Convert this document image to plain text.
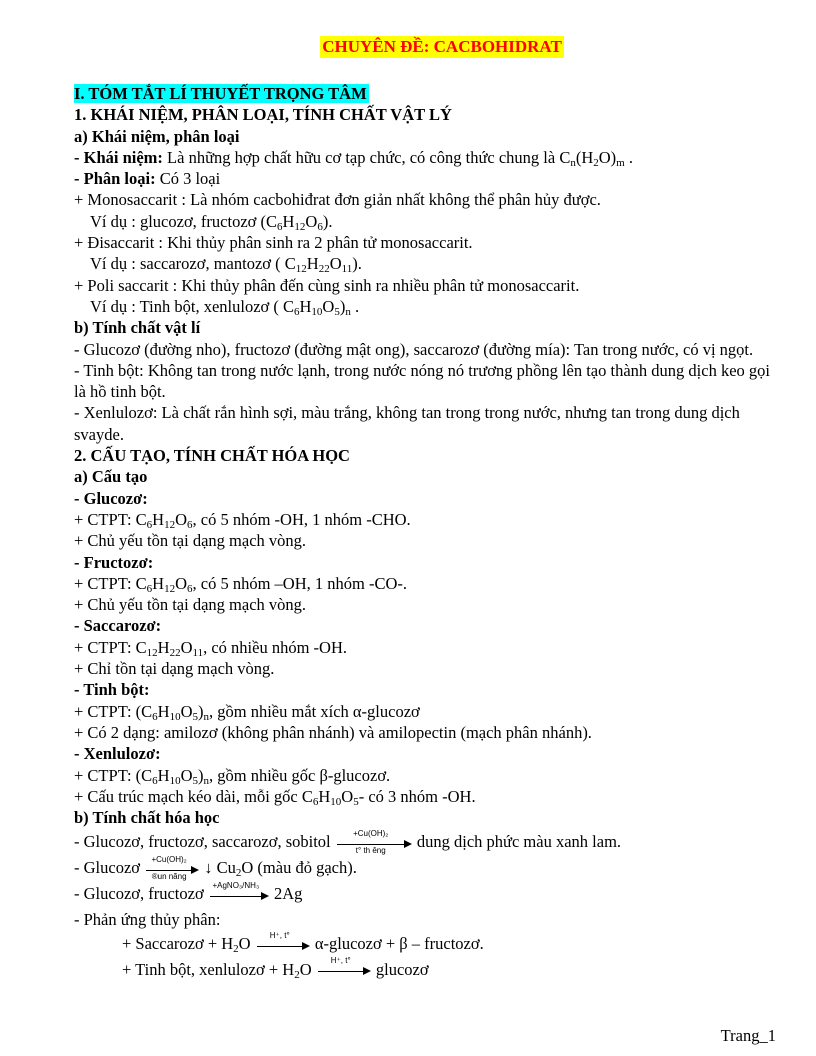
CHUYÊN ĐỀ: CACBOHIDRAT
I. TÓM TẮT LÍ THUYẾT TRỌNG TÂM
1. KHÁI NIỆM, PHÂN LOẠI, TÍNH CHẤT VẬT LÝ
a) Khái niệm, phân loại
- Khái niệm: Là những hợp chất hữu cơ tạp chức, có công thức chung là $C_n(H_2O)_m$ .
- Phân loại: Có 3 loại
+ Monosaccarit : Là nhóm cacbohiđrat đơn giản nhất không thể phân hủy được.
Ví dụ : glucozơ, fructozơ $(C_6H_{12}O_6)$.
+ Đisaccarit : Khi thủy phân sinh ra 2 phân tử monosaccarit.
Ví dụ : saccarozơ, mantozơ ( $C_{12}H_{22}O_{11}$).
+ Poli saccarit : Khi thủy phân đến cùng sinh ra nhiều phân tử monosaccarit.
Ví dụ : Tinh bột, xenlulozơ ( $C_6H_{10}O_5)_n$ .
b) Tính chất vật lí
- Glucozơ (đường nho), fructozơ (đường mật ong), saccarozơ (đường mía): Tan trong nước, có vị ngọt.
- Tinh bột: Không tan trong nước lạnh, trong nước nóng nó trương phồng lên tạo thành dung dịch keo gọi là hồ tinh bột.
- Xenlulozơ: Là chất rắn hình sợi, màu trắng, không tan trong trong nước, nhưng tan trong dung dịch svayde.
2. CẤU TẠO, TÍNH CHẤT HÓA HỌC
a) Cấu tạo
- Glucozơ:
+ CTPT: $C_6H_{12}O_6$, có 5 nhóm -OH, 1 nhóm -CHO.
+ Chủ yếu tồn tại dạng mạch vòng.
- Fructozơ:
+ CTPT: $C_6H_{12}O_6$, có 5 nhóm –OH, 1 nhóm -CO-.
+ Chủ yếu tồn tại dạng mạch vòng.
- Saccarozơ:
+ CTPT: $C_{12}H_{22}O_{11}$, có nhiều nhóm -OH.
+ Chỉ tồn tại dạng mạch vòng.
- Tinh bột:
+ CTPT: $(C_6H_{10}O_5)_n$, gồm nhiều mắt xích α-glucozơ
+ Có 2 dạng: amilozơ (không phân nhánh) và amilopectin (mạch phân nhánh).
- Xenlulozơ:
+ CTPT: $(C_6H_{10}O_5)_n$, gồm nhiều gốc β-glucozơ.
+ Cấu trúc mạch kéo dài, mỗi gốc $C_6H_{10}O_5-$ có 3 nhóm -OH.
b) Tính chất hóa học
- Glucozơ, fructozơ, saccarozơ, sobitol	+Cu(OH)₂
t° th êng	dung dịch phức màu xanh lam.
- Glucozơ +Cu(OH)₂
®un nãng ↓ $Cu_2O$ (màu đỏ gạch).
- Glucozơ, fructozơ +AgNO₃/NH₃ 2Ag
- Phản ứng thủy phân:
+ Saccarozơ + $H_2O$	H⁺, t°	α-glucozơ + β – fructozơ.
+ Tinh bột, xenlulozơ + $H_2O$	H⁺, t°	glucozơ
Trang_1
